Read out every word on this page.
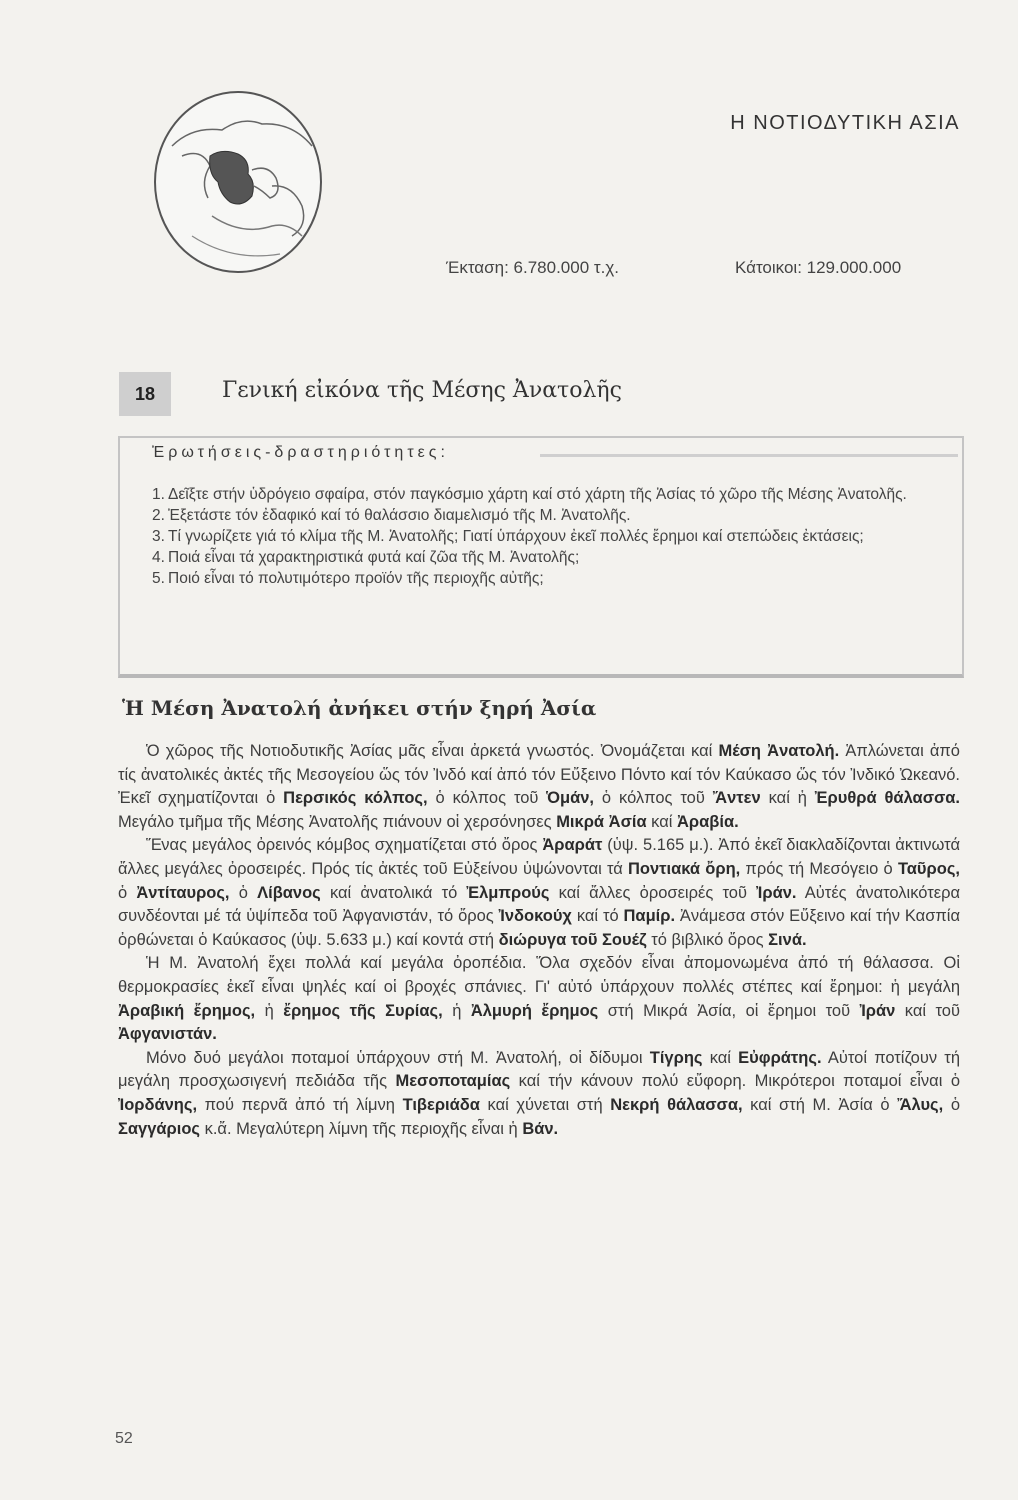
Η ΝΟΤΙΟΔΥΤΙΚΗ ΑΣΙΑ
Έκταση: 6.780.000 τ.χ.	Κάτοικοι: 129.000.000
18	Γενική εἰκόνα τῆς Μέσης Ἀνατολῆς
Ἐρωτήσεις-δραστηριότητες:
1. Δεῖξτε στήν ὑδρόγειο σφαίρα, στόν παγκόσμιο χάρτη καί στό χάρτη τῆς Ἀσίας τό χῶρο τῆς Μέσης Ἀνατολῆς.
2. Ἐξετάστε τόν ἐδαφικό καί τό θαλάσσιο διαμελισμό τῆς Μ. Ἀνατολῆς.
3. Τί γνωρίζετε γιά τό κλίμα τῆς Μ. Ἀνατολῆς; Γιατί ὑπάρχουν ἐκεῖ πολλές ἔρημοι καί στεπώδεις ἐκτάσεις;
4. Ποιά εἶναι τά χαρακτηριστικά φυτά καί ζῶα τῆς Μ. Ἀνατολῆς;
5. Ποιό εἶναι τό πολυτιμότερο προϊόν τῆς περιοχῆς αὐτῆς;
Ἡ Μέση Ἀνατολή ἀνήκει στήν ξηρή Ἀσία

Ὁ χῶρος τῆς Νοτιοδυτικῆς Ἀσίας μᾶς εἶναι ἀρκετά γνωστός. Ὀνομάζεται καί Μέση Ἀνατολή. Ἁπλώνεται ἀπό τίς ἀνατολικές ἀκτές τῆς Μεσογείου ὥς τόν Ἰνδό καί ἀπό τόν Εὔξεινο Πόντο καί τόν Καύκασο ὥς τόν Ἰνδικό Ὠκεανό. Ἐκεῖ σχηματίζονται ὁ Περσικός κόλπος, ὁ κόλπος τοῦ Ὁμάν, ὁ κόλπος τοῦ Ἄντεν καί ἡ Ἐρυθρά θάλασσα. Μεγάλο τμῆμα τῆς Μέσης Ἀνατολῆς πιάνουν οἱ χερσόνησες Μικρά Ἀσία καί Ἀραβία.

Ἕνας μεγάλος ὀρεινός κόμβος σχηματίζεται στό ὄρος Ἀραράτ (ὑψ. 5.165 μ.). Ἀπό ἐκεῖ διακλαδίζονται ἀκτινωτά ἄλλες μεγάλες ὀροσειρές. Πρός τίς ἀκτές τοῦ Εὐξείνου ὑψώνονται τά Ποντιακά ὄρη, πρός τή Μεσόγειο ὁ Ταῦρος, ὁ Ἀντίταυρος, ὁ Λίβανος καί ἀνατολικά τό Ἐλμπρούς καί ἄλλες ὀροσειρές τοῦ Ἰράν. Αὐτές ἀνατολικότερα συνδέονται μέ τά ὑψίπεδα τοῦ Ἀφγανιστάν, τό ὄρος Ἰνδοκούχ καί τό Παμίρ. Ἀνάμεσα στόν Εὔξεινο καί τήν Κασπία ὀρθώνεται ὁ Καύκασος (ὑψ. 5.633 μ.) καί κοντά στή διώρυγα τοῦ Σουέζ τό βιβλικό ὄρος Σινά.

Ἡ Μ. Ἀνατολή ἔχει πολλά καί μεγάλα ὀροπέδια. Ὅλα σχεδόν εἶναι ἀπομονωμένα ἀπό τή θάλασσα. Οἱ θερμοκρασίες ἐκεῖ εἶναι ψηλές καί οἱ βροχές σπάνιες. Γι' αὐτό ὑπάρχουν πολλές στέπες καί ἔρημοι: ἡ μεγάλη Ἀραβική ἔρημος, ἡ ἔρημος τῆς Συρίας, ἡ Ἀλμυρή ἔρημος στή Μικρά Ἀσία, οἱ ἔρημοι τοῦ Ἰράν καί τοῦ Ἀφγανιστάν.

Μόνο δυό μεγάλοι ποταμοί ὑπάρχουν στή Μ. Ἀνατολή, οἱ δίδυμοι Τίγρης καί Εὐφράτης. Αὐτοί ποτίζουν τή μεγάλη προσχωσιγενή πεδιάδα τῆς Μεσοποταμίας καί τήν κάνουν πολύ εὔφορη. Μικρότεροι ποταμοί εἶναι ὁ Ἰορδάνης, πού περνᾶ ἀπό τή λίμνη Τιβεριάδα καί χύνεται στή Νεκρή θάλασσα, καί στή Μ. Ἀσία ὁ Ἄλυς, ὁ Σαγγάριος κ.ἄ. Μεγαλύτερη λίμνη τῆς περιοχῆς εἶναι ἡ Βάν.

52
